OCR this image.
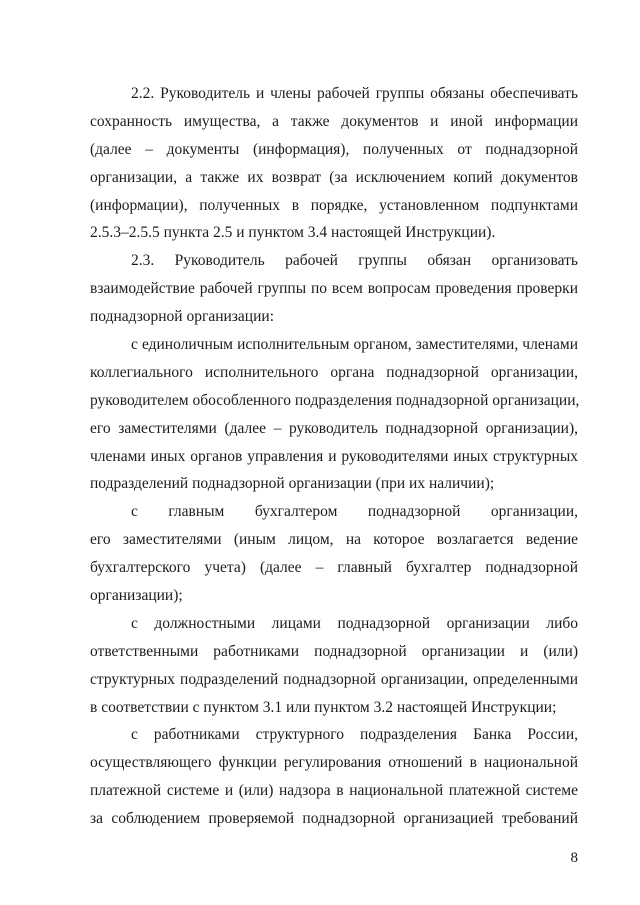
2.2. Руководитель и члены рабочей группы обязаны обеспечивать
сохранность имущества, а также документов и иной информации
(далее – документы (информация), полученных от поднадзорной
организации, а также их возврат (за исключением копий документов
(информации), полученных в порядке, установленном подпунктами
2.5.3–2.5.5 пункта 2.5 и пунктом 3.4 настоящей Инструкции).
2.3. Руководитель рабочей группы обязан организовать
взаимодействие рабочей группы по всем вопросам проведения проверки
поднадзорной организации:
с единоличным исполнительным органом, заместителями, членами
коллегиального исполнительного органа поднадзорной организации,
руководителем обособленного подразделения поднадзорной организации,
его заместителями (далее – руководитель поднадзорной организации),
членами иных органов управления и руководителями иных структурных
подразделений поднадзорной организации (при их наличии);
с главным бухгалтером поднадзорной организации,
его заместителями (иным лицом, на которое возлагается ведение
бухгалтерского учета) (далее – главный бухгалтер поднадзорной
организации);
с должностными лицами поднадзорной организации либо
ответственными работниками поднадзорной организации и (или)
структурных подразделений поднадзорной организации, определенными
в соответствии с пунктом 3.1 или пунктом 3.2 настоящей Инструкции;
с работниками структурного подразделения Банка России,
осуществляющего функции регулирования отношений в национальной
платежной системе и (или) надзора в национальной платежной системе
за соблюдением проверяемой поднадзорной организацией требований
8
